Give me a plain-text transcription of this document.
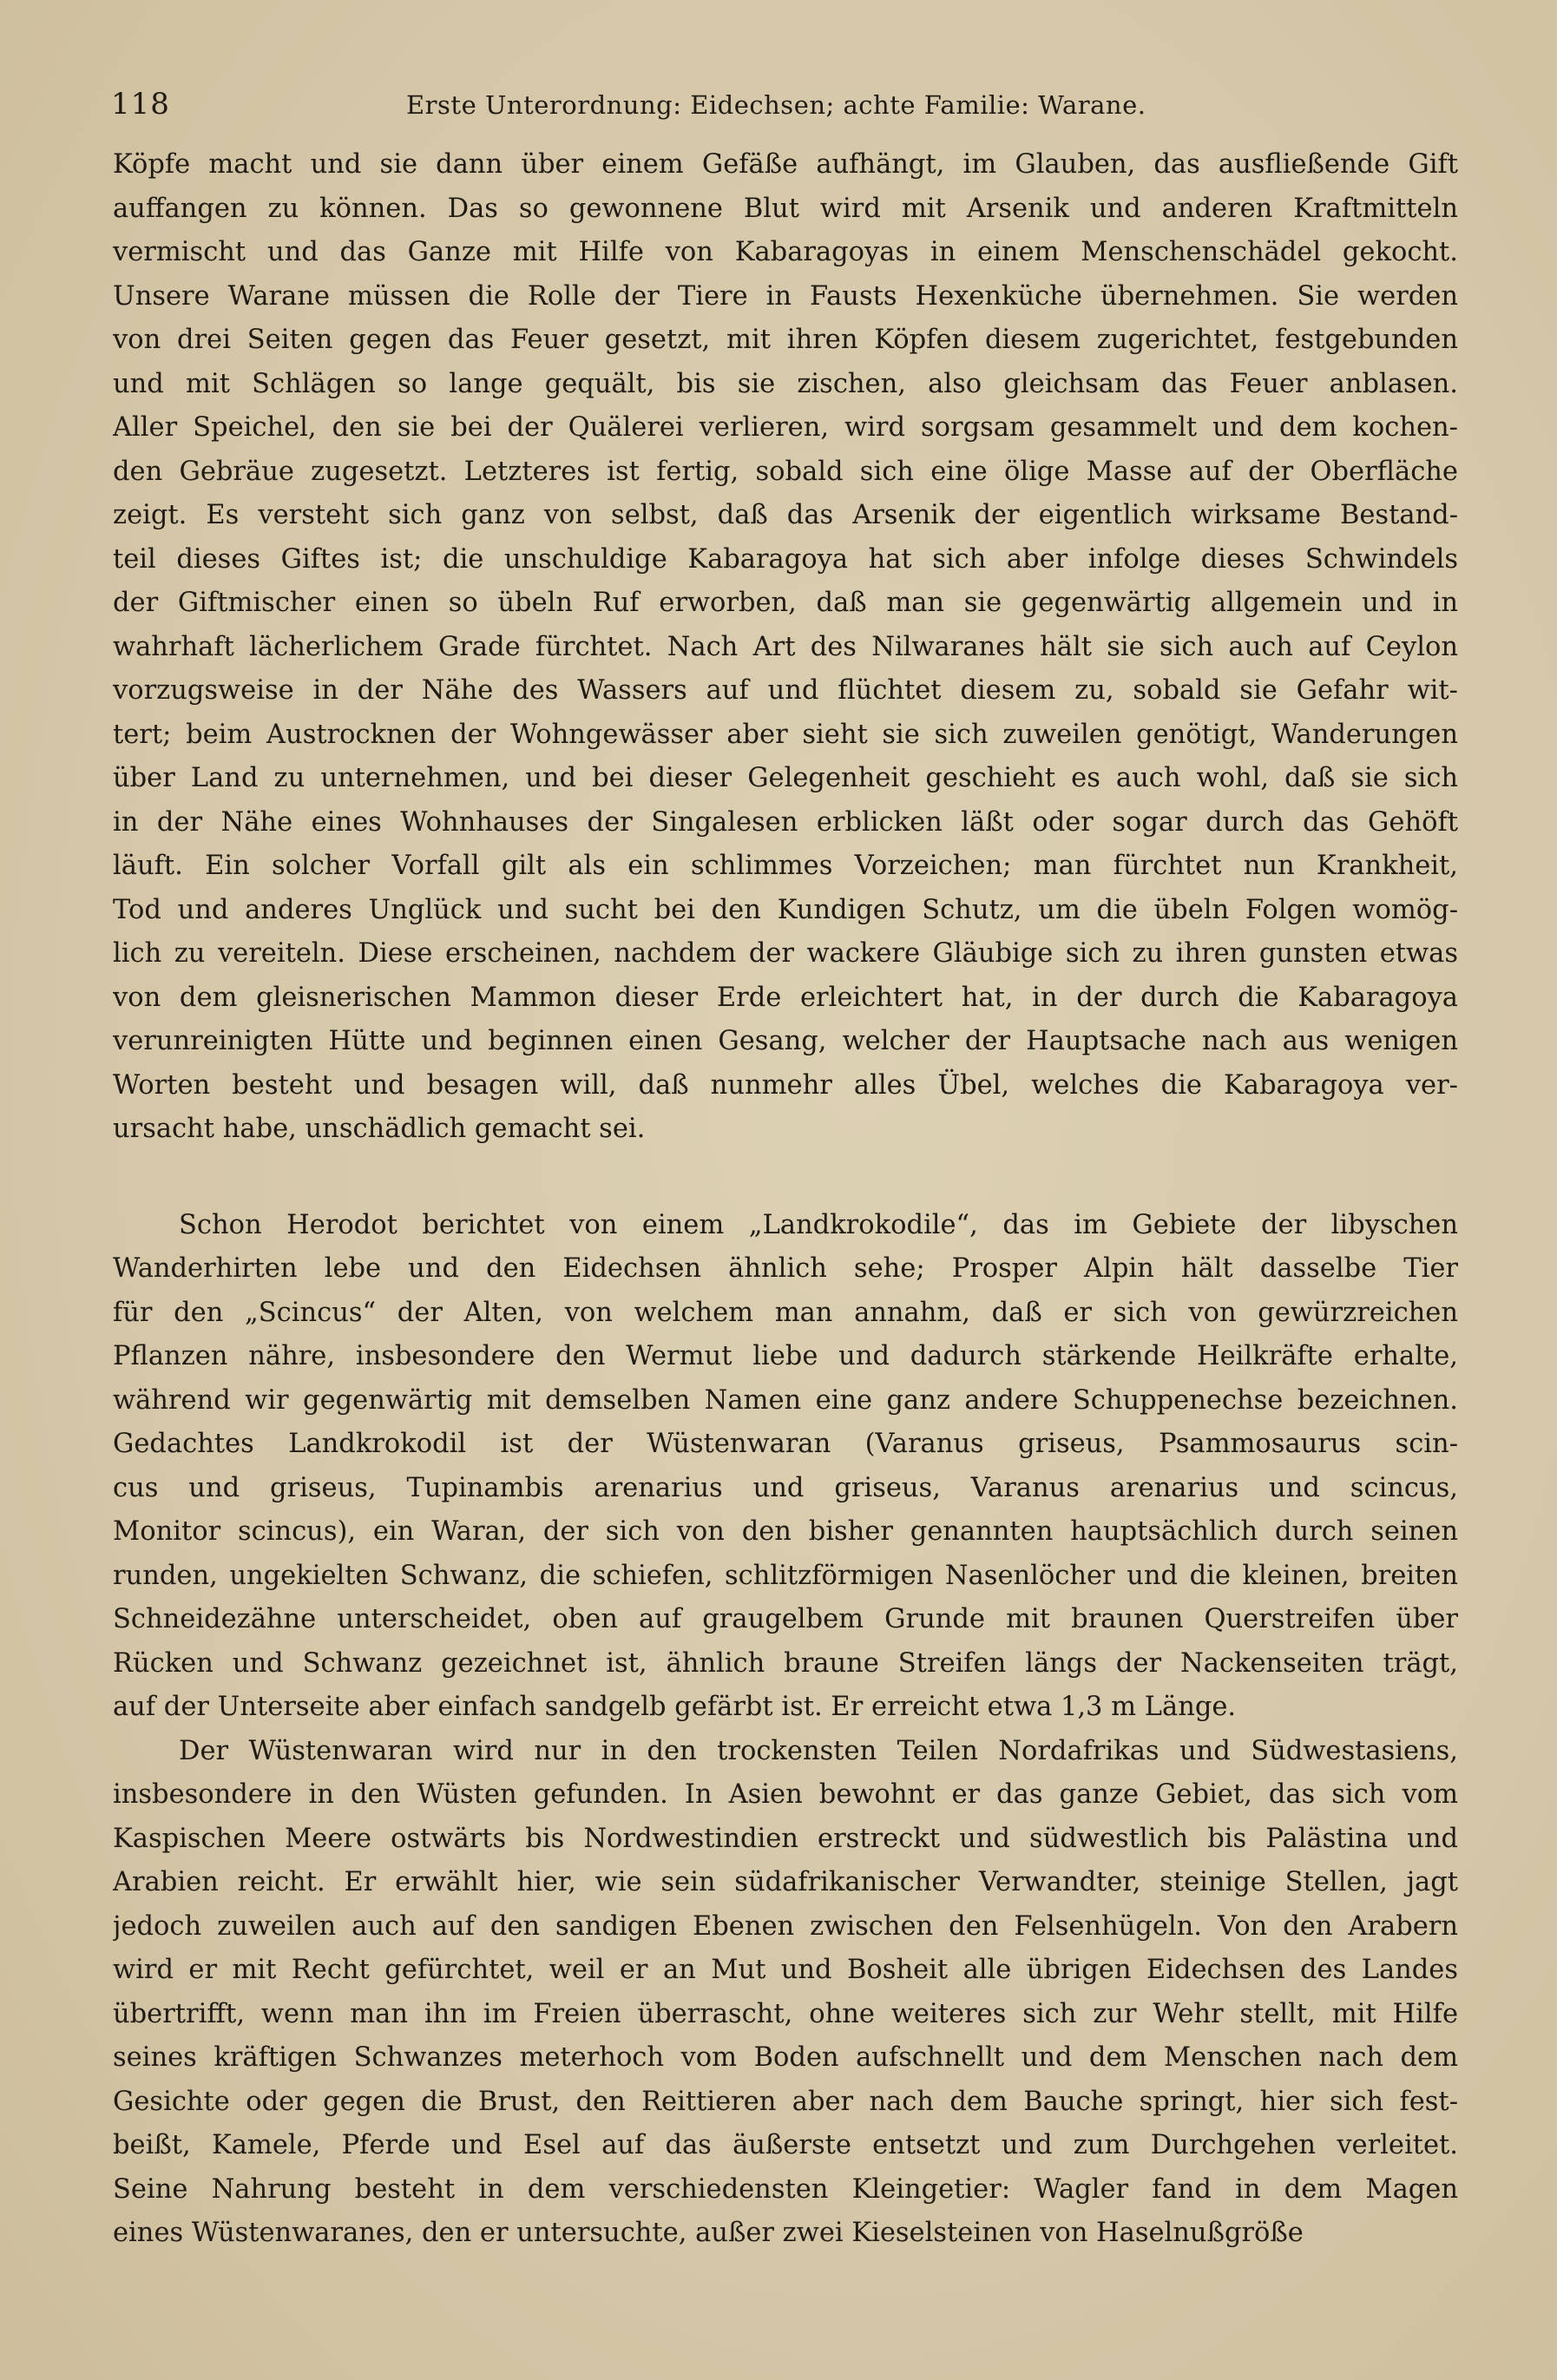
118	Erste Unterordnung: Eidechsen; achte Familie: Warane.
Köpfe macht und sie dann über einem Gefäße aufhängt, im Glauben, das ausfließende Gift
auffangen zu können. Das so gewonnene Blut wird mit Arsenik und anderen Kraftmitteln
vermischt und das Ganze mit Hilfe von Kabaragoyas in einem Menschenschädel gekocht.
Unsere Warane müssen die Rolle der Tiere in Fausts Hexenküche übernehmen. Sie werden
von drei Seiten gegen das Feuer gesetzt, mit ihren Köpfen diesem zugerichtet, festgebunden
und mit Schlägen so lange gequält, bis sie zischen, also gleichsam das Feuer anblasen.
Aller Speichel, den sie bei der Quälerei verlieren, wird sorgsam gesammelt und dem kochen-
den Gebräue zugesetzt. Letzteres ist fertig, sobald sich eine ölige Masse auf der Oberfläche
zeigt. Es versteht sich ganz von selbst, daß das Arsenik der eigentlich wirksame Bestand-
teil dieses Giftes ist; die unschuldige Kabaragoya hat sich aber infolge dieses Schwindels
der Giftmischer einen so übeln Ruf erworben, daß man sie gegenwärtig allgemein und in
wahrhaft lächerlichem Grade fürchtet. Nach Art des Nilwaranes hält sie sich auch auf Ceylon
vorzugsweise in der Nähe des Wassers auf und flüchtet diesem zu, sobald sie Gefahr wit-
tert; beim Austrocknen der Wohngewässer aber sieht sie sich zuweilen genötigt, Wanderungen
über Land zu unternehmen, und bei dieser Gelegenheit geschieht es auch wohl, daß sie sich
in der Nähe eines Wohnhauses der Singalesen erblicken läßt oder sogar durch das Gehöft
läuft. Ein solcher Vorfall gilt als ein schlimmes Vorzeichen; man fürchtet nun Krankheit,
Tod und anderes Unglück und sucht bei den Kundigen Schutz, um die übeln Folgen womög-
lich zu vereiteln. Diese erscheinen, nachdem der wackere Gläubige sich zu ihren gunsten etwas
von dem gleisnerischen Mammon dieser Erde erleichtert hat, in der durch die Kabaragoya
verunreinigten Hütte und beginnen einen Gesang, welcher der Hauptsache nach aus wenigen
Worten besteht und besagen will, daß nunmehr alles Übel, welches die Kabaragoya ver-
ursacht habe, unschädlich gemacht sei.
Schon Herodot berichtet von einem „Landkrokodile“, das im Gebiete der libyschen
Wanderhirten lebe und den Eidechsen ähnlich sehe; Prosper Alpin hält dasselbe Tier
für den „Scincus“ der Alten, von welchem man annahm, daß er sich von gewürzreichen
Pflanzen nähre, insbesondere den Wermut liebe und dadurch stärkende Heilkräfte erhalte,
während wir gegenwärtig mit demselben Namen eine ganz andere Schuppenechse bezeichnen.
Gedachtes Landkrokodil ist der Wüstenwaran (Varanus griseus, Psammosaurus scin-
cus und griseus, Tupinambis arenarius und griseus, Varanus arenarius und scincus,
Monitor scincus), ein Waran, der sich von den bisher genannten hauptsächlich durch seinen
runden, ungekielten Schwanz, die schiefen, schlitzförmigen Nasenlöcher und die kleinen, breiten
Schneidezähne unterscheidet, oben auf graugelbem Grunde mit braunen Querstreifen über
Rücken und Schwanz gezeichnet ist, ähnlich braune Streifen längs der Nackenseiten trägt,
auf der Unterseite aber einfach sandgelb gefärbt ist. Er erreicht etwa 1,3 m Länge.
Der Wüstenwaran wird nur in den trockensten Teilen Nordafrikas und Südwestasiens,
insbesondere in den Wüsten gefunden. In Asien bewohnt er das ganze Gebiet, das sich vom
Kaspischen Meere ostwärts bis Nordwestindien erstreckt und südwestlich bis Palästina und
Arabien reicht. Er erwählt hier, wie sein südafrikanischer Verwandter, steinige Stellen, jagt
jedoch zuweilen auch auf den sandigen Ebenen zwischen den Felsenhügeln. Von den Arabern
wird er mit Recht gefürchtet, weil er an Mut und Bosheit alle übrigen Eidechsen des Landes
übertrifft, wenn man ihn im Freien überrascht, ohne weiteres sich zur Wehr stellt, mit Hilfe
seines kräftigen Schwanzes meterhoch vom Boden aufschnellt und dem Menschen nach dem
Gesichte oder gegen die Brust, den Reittieren aber nach dem Bauche springt, hier sich fest-
beißt, Kamele, Pferde und Esel auf das äußerste entsetzt und zum Durchgehen verleitet.
Seine Nahrung besteht in dem verschiedensten Kleingetier: Wagler fand in dem Magen
eines Wüstenwaranes, den er untersuchte, außer zwei Kieselsteinen von Haselnußgröße
